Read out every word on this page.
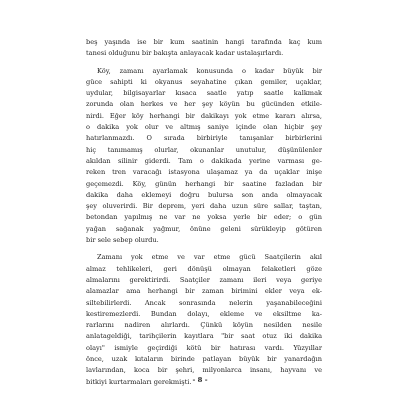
beş yaşında ise bir kum saatinin hangi tarafında kaç kum
tanesi olduğunu bir bakışta anlayacak kadar ustalaşırlardı.
Köy, zamanı ayarlamak konusunda o kadar büyük bir
güce sahipti ki okyanus seyahatine çıkan gemiler, uçaklar,
uydular, bilgisayarlar kısaca saatle yatıp saatle kalkmak
zorunda olan herkes ve her şey köyün bu gücünden etkile-
nirdi. Eğer köy herhangi bir dakikayı yok etme kararı alırsa,
o dakika yok olur ve altmış saniye içinde olan hiçbir şey
hatırlanmazdı. O sırada birbiriyle tanışanlar birbirlerini
hiç tanımamış olurlar, okunanlar unutulur, düşünülenler
akıldan silinir giderdi. Tam o dakikada yerine varması ge-
reken tren varacağı istasyona ulaşamaz ya da uçaklar inişe
geçemezdi. Köy, günün herhangi bir saatine fazladan bir
dakika daha eklemeyi doğru bulursa son anda olmayacak
şey oluverirdi. Bir deprem, yeri daha uzun süre sallar, taştan,
betondan yapılmış ne var ne yoksa yerle bir eder; o gün
yağan sağanak yağmur, önüne geleni sürükleyip götüren
bir sele sebep olurdu.
Zamanı yok etme ve var etme gücü Saatçilerin akıl
almaz tehlikeleri, geri dönüşü olmayan felaketleri göze
almalarını gerektirirdi. Saatçiler zamanı ileri veya geriye
alamazlar ama herhangi bir zaman birimini ekler veya ek-
siltebilirlerdi. Ancak sonrasında nelerin yaşanabileceğini
kestiremezlerdi. Bundan dolayı, ekleme ve eksiltme ka-
rarlarını nadiren alırlardı. Çünkü köyün nesilden nesile
anlatageldiği, tarihçilerin kayıtlara "bir saat otuz iki dakika
olayı" ismiyle geçirdiği kötü bir hatırası vardı. Yüzyıllar
önce, uzak kıtaların birinde patlayan büyük bir yanardağın
lavlarından, koca bir şehri, milyonlarca insanı, hayvanı ve
bitkiyi kurtarmaları gerekmişti. - 8 -
